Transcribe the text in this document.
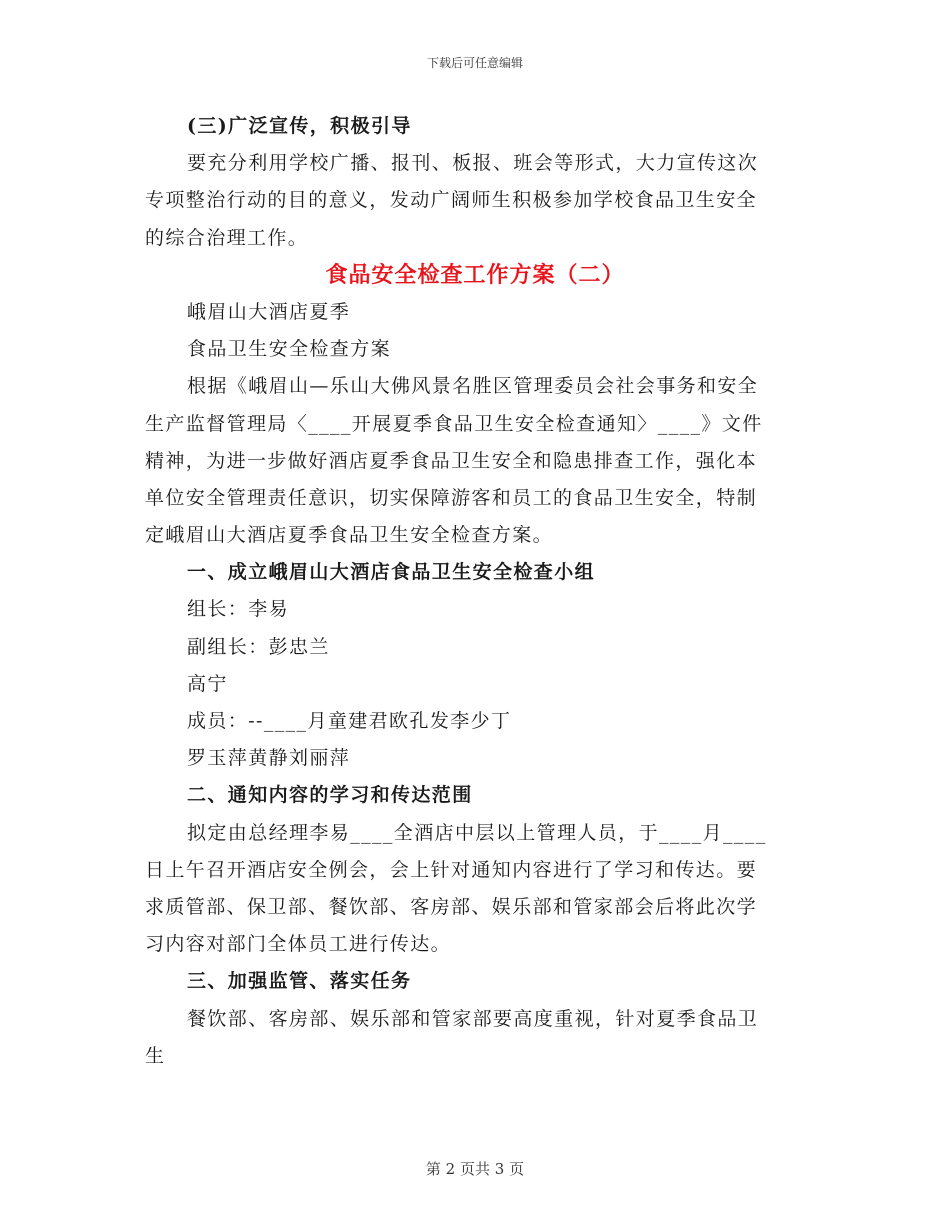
下载后可任意编辑
(三)广泛宣传，积极引导
要充分利用学校广播、报刊、板报、班会等形式，大力宣传这次
专项整治行动的目的意义，发动广阔师生积极参加学校食品卫生安全
的综合治理工作。
食品安全检查工作方案（二）
峨眉山大酒店夏季
食品卫生安全检查方案
根据《峨眉山—乐山大佛风景名胜区管理委员会社会事务和安全
生产监督管理局〈____开展夏季食品卫生安全检查通知〉____》文件
精神，为进一步做好酒店夏季食品卫生安全和隐患排查工作，强化本
单位安全管理责任意识，切实保障游客和员工的食品卫生安全，特制
定峨眉山大酒店夏季食品卫生安全检查方案。
一、成立峨眉山大酒店食品卫生安全检查小组
组长：李易
副组长：彭忠兰
高宁
成员：--____月童建君欧孔发李少丁
罗玉萍黄静刘丽萍
二、通知内容的学习和传达范围
拟定由总经理李易____全酒店中层以上管理人员，于____月____
日上午召开酒店安全例会，会上针对通知内容进行了学习和传达。要
求质管部、保卫部、餐饮部、客房部、娱乐部和管家部会后将此次学
习内容对部门全体员工进行传达。
三、加强监管、落实任务
餐饮部、客房部、娱乐部和管家部要高度重视，针对夏季食品卫
生
第 2 页共 3 页
